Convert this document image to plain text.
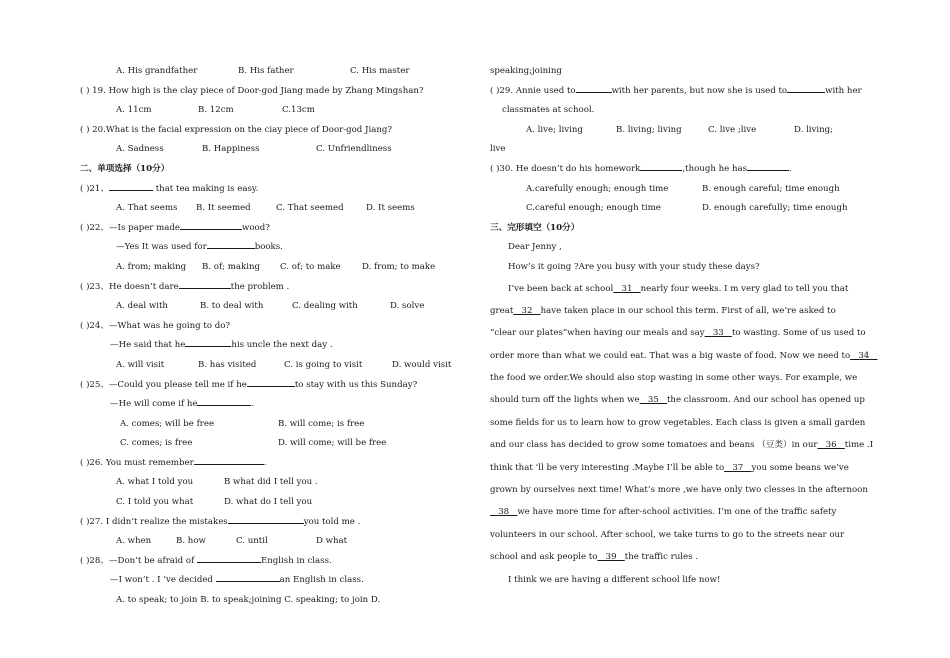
A. His grandfather	B. His father	C. His master
( ) 19. How high is the clay piece of Door-god Jiang made by Zhang Mingshan?
A. 11cm	B. 12cm	C.13cm
( ) 20.What is the facial expression on the ciay piece of Door-god Jiang?
A. Sadness	B. Happiness	C. Unfriendliness
二、单项选择（10分）
( )21、	that tea making is easy.
A. That seems B. It seemed	C. That seemed	D. It seems
( )22、—Is paper made	wood?
—Yes It was used for	books.
A. from; making B. of; making C. of; to make D. from; to make
( )23、He doesn’t dare	the problem .
A. deal with	B. to deal with	C. dealing with	D. solve
( )24、—What was he going to do?
—He said that he	his uncle the next day .
A. will visit	B. has visited	C. is going to visit	D. would visit
( )25、—Could you please tell me if he	to stay with us this Sunday?
—He will come if he	.
A. comes; will be free	B. will come; is free
C. comes; is free	D. will come; will be free
( )26. You must remember	.
A. what I told you	B what did I tell you .
C. I told you what	D. what do I tell you
( )27. I didn’t realize the mistakes	you told me .
A. when	B. how	C. until	D what
( )28、—Don’t be afraid of	English in class.
—I won’t . I ‘ve decided	an English in class.
A. to speak; to join B. to speak;joining C. speaking; to join D.
speaking;joining
( )29. Annie used to	with her parents, but now she is used to	with her
classmates at school.
A. live; living	B. living; living	C. live ;live	D. living;
live
( )30. He doesn’t do his homework	,though he has	.
A.carefully enough; enough time	B. enough careful; time enough
C.careful enough; enough time	D. enough carefully; time enough
三、完形填空（10分）
Dear Jenny ,
How’s it going ?Are you busy with your study these days?
I’ve been back at school   31   nearly four weeks. I m very glad to tell you that
great   32   have taken place in our school this term. First of all, we’re asked to
“clear our plates”when having our meals and say   33   to wasting. Some of us used to
order more than what we could eat. That was a big waste of food. Now we need to   34
the food we order.We should also stop wasting in some other ways. For example, we
should turn off the lights when we   35   the classroom. And our school has opened up
some fields for us to learn how to grow vegetables. Each class is given a small garden
and our class has decided to grow some tomatoes and beans （豆类）in our   36   time .I
think that ‘ll be very interesting .Maybe I’ll be able to   37   you some beans we’ve
grown by ourselves next time! What’s more ,we have only two clesses in the afternoon
38   we have more time for after-school activities. I’m one of the traffic safety
volunteers in our school. After school, we take turns to go to the streets near our
school and ask people to   39   the traffic rules .
I think we are having a different school life now!
